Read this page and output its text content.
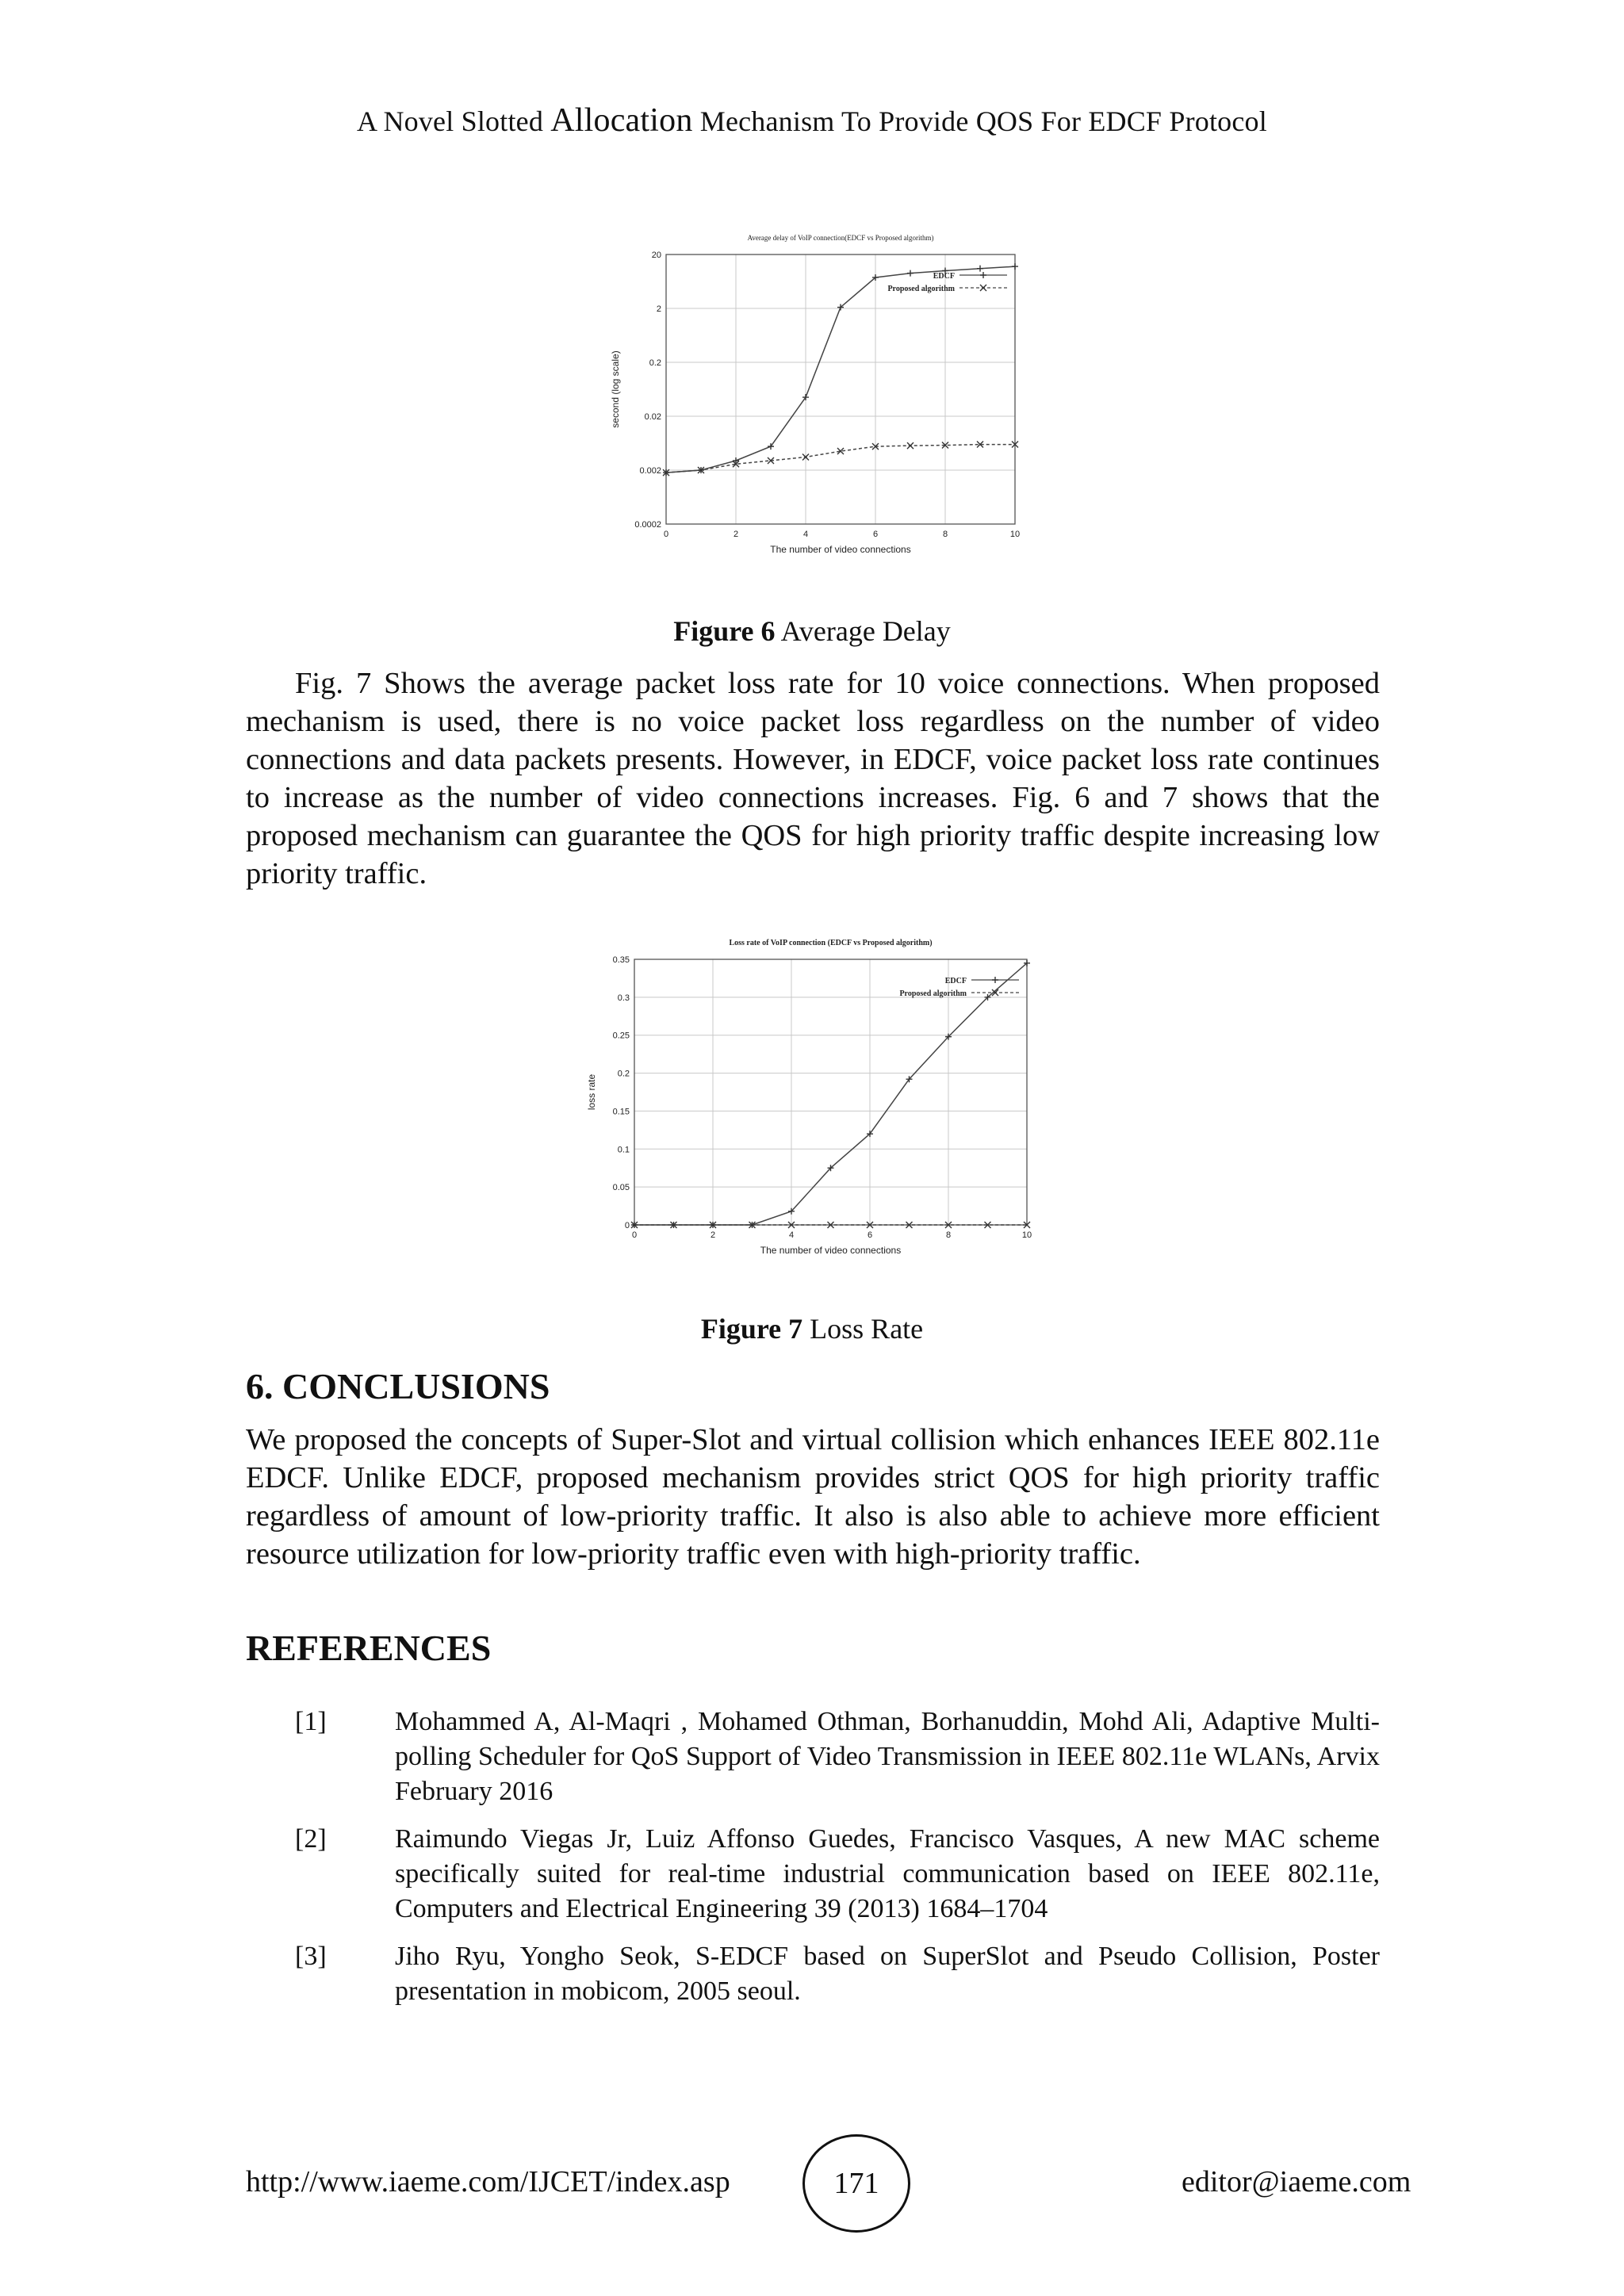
A Novel Slotted Allocation Mechanism To Provide QOS For EDCF Protocol
Average delay of VoIP connection(EDCF vs Proposed algorithm)
20
2
0.2
0.02
0.002
0.0002
0	2	4	6	8	10
The number of video connections
second (log scale)
EDCF
Proposed algorithm
Figure 6 Average Delay

Fig. 7 Shows the average packet loss rate for 10 voice connections. When proposed mechanism is used, there is no voice packet loss regardless on the number of video connections and data packets presents. However, in EDCF, voice packet loss rate continues to increase as the number of video connections increases. Fig. 6 and 7 shows that the proposed mechanism can guarantee the QOS for high priority traffic despite increasing low priority traffic.

Loss rate of VoIP connection (EDCF vs Proposed algorithm)
0
0.05
0.1
0.15
0.2
0.25
0.3
0.35
0	2	4	6	8	10
The number of video connections
loss rate
EDCF
Proposed algorithm
Figure 7 Loss Rate
6. CONCLUSIONS

We proposed the concepts of Super-Slot and virtual collision which enhances IEEE 802.11e EDCF. Unlike EDCF, proposed mechanism provides strict QOS for high priority traffic regardless of amount of low-priority traffic. It also is also able to achieve more efficient resource utilization for low-priority traffic even with high-priority traffic.

REFERENCES
[1]	Mohammed A, Al-Maqri , Mohamed Othman, Borhanuddin, Mohd Ali, Adaptive Multi-polling Scheduler for QoS Support of Video Transmission in IEEE 802.11e WLANs, Arvix February 2016
[2]	Raimundo Viegas Jr, Luiz Affonso Guedes, Francisco Vasques, A new MAC scheme specifically suited for real-time industrial communication based on IEEE 802.11e, Computers and Electrical Engineering 39 (2013) 1684–1704
[3]	Jiho Ryu, Yongho Seok, S-EDCF based on SuperSlot and Pseudo Collision, Poster presentation in mobicom, 2005 seoul.
http://www.iaeme.com/IJCET/index.asp	171	editor@iaeme.com
